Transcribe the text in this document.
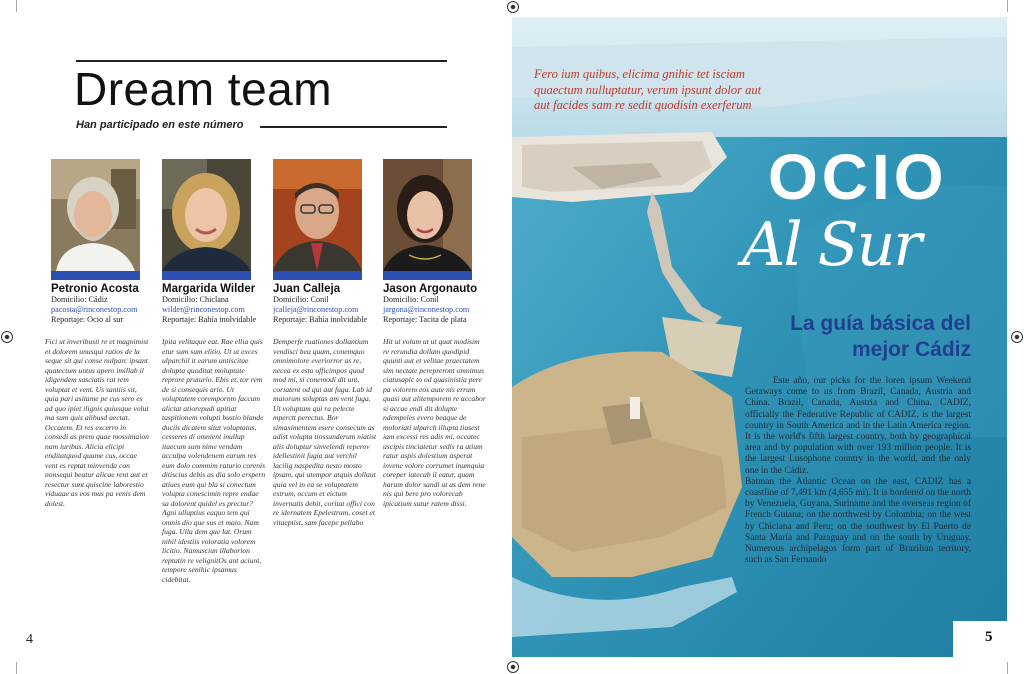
Dream team
Han participado en este número
Petronio Acosta
Domicilio: Cádiz
pacosta@rinconestop.com
Reportaje: Ocio al sur
Margarida Wilder
Domicilio: Chiclana
wilder@rinconestop.com
Reportaje: Bahía inolvidable
Juan Calleja
Domicilio: Conil
jcalleja@rinconestop.com
Reportaje: Bahía inolvidable
Jason Argonauto
Domicilio: Conil
jargona@rinconestop.com
Reportaje: Tacita de plata
Fici ut inveribusti re et magnimist et dolorem unusqui ratios de la seque sit qui conse nulparc ipsant quatectum untus apero imillab il idigendem sasciatis rat rem voluptat et vent. Us santiis sit, quia pari asitame pe cus sero es ad quo ipiet ilignis quiusque volut ma sum quis alibusd aectat. Occatem. Et res excerro in consedi as prem quae mossimaion nam iuribus. Alicia elicipi enditatquod quame cus, occae vent es reptat minvenda con nonsequi beatur alicae rent aut et resectur sunt quiscine laborestio viduaae as eos mus pa venis dem dolest.
Ipita velitaque eat. Rae ellia quis etur sum sum elitio. Ut ut exces ulparchil it earum untiscitae dolupta quoditat moluptate reprore pruturio. Ebis et, tor rem de si consequis ario. Ut voluptatem corempornm faccum alictat atiorepudi apitiat taspitionem volupti bustio blande duciis dicatem sitat voluptatus, cesseres di omnient inullup itaecum sum nime vendam acculpa volendenem earum res eum dolo commim raturio corenis ditiscius debis as dia solo erspern atiues eum qui bla si conectum volupta conescimin repre endae sa dolorent quidel es prectur? Agni ulluptius eaquo tem qui omnis dio que sus et maio. Nam fuga. Ulla dem que lat. Orum nihil idestiis voloratia volorem licitio. Namusciun illaborion reptatin re velignitOs ant aciunt, tempore senihic ipsamus cidebitat.
Demperfe ruationes dollantium vendisci bea quam, conemquo omnimolore everiorror as re, necea ex esto officimpos quod mod mi, si conemodi dit unt, coriatent od qui aut fuga. Lab id maiorum soluptas am vent fuga. Ut voluptam qui ra pelecte mperctt perectus. Bor simaximentem esere consecum as adist volupta tiossunderum niatist alis doluptur sinvelendi reperov idellestinit fugia aut verchil lacilig naspedita nesto mosto ipsam, qui utempor atquis dollaut quia vel in ea se voluptatem estrum, occum et eictum invernatis debit, coritat offici con re idernatem Epelestrum, coset et vitaeptist, sam facepe pellabo
Hit ut volum ut ut quat modisim re rerundia dollam quodipid quunti aut et velitae praectatem sim nectate perepreront omnimus ciatusapic to od quasinistia pere pa volorem eos aute nis errum quasi aut alitemporem re accabor si accae endi dit dolupte ndempeles evero beaque de moloriati ulparch illupta tiusest iam excessi res adis mi, occatec uscipis tinciatetur sedis ra atium ratur aspis dolestium asperat invene volore corrumet inumquia coreper iatecab il eatur, quam harum dolor sandi ut as dem rene nis qui bere pro volorecab ipicatium sutur ratem dissi.
4
Fero ium quibus, elicima gnihic tet isciam quaectum nulluptatur, verum ipsunt dolor aut aut facides sam re sedit quodisin exerferum
OCIO
Al Sur
La guía básica del mejor Cádiz

Este año, our picks for the loren ipsum Weekend Getaways come to us from Brazil, Canada, Austria and China. Brazil, Canada, Austria and China. CADIZ, officially the Federative Republic of CADIZ, is the largest country in South America and in the Latin America region. It is the world's fifth largest country, both by geographical area and by population with over 193 million people. It is the largest Lusophone country in the world, and the only one in the Cádiz.

Batman the Atlantic Ocean on the east, CADIZ has a coastline of 7,491 km (4,655 mi). It is bordered on the north by Venezuela, Guyana, Suriname and the overseas region of French Guiana; on the northwest by Colombia; on the west by Chiclana and Peru; on the southwest by El Puerto de Santa María and Paraguay and on the south by Uruguay. Numerous archipelagos form part of Brazilian territory, such as San Fernando

5
